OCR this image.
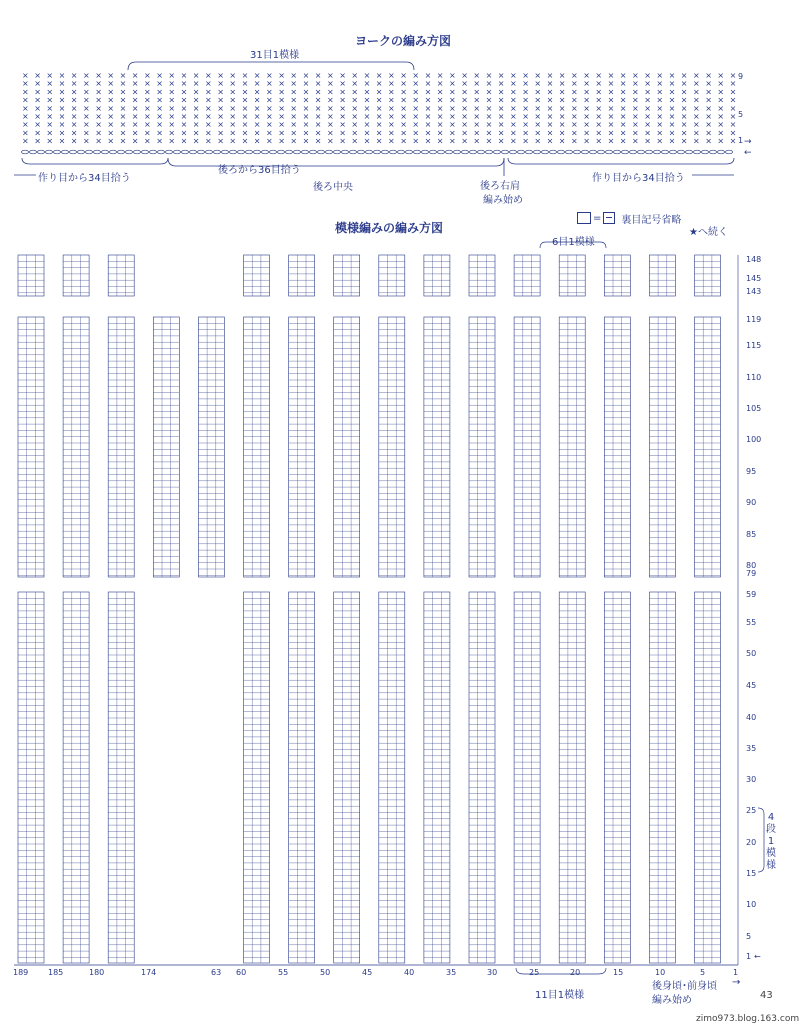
ヨークの編み方図
31目1模様
× × × × × × × × × × × × × × × × × × × × × × × × × × × × × × × × × × × × × × × × × × × × × × × × × × × × × × × × × × ×
× × × × × × × × × × × × × × × × × × × × × × × × × × × × × × × × × × × × × × × × × × × × × × × × × × × × × × × × × × ×
× × × × × × × × × × × × × × × × × × × × × × × × × × × × × × × × × × × × × × × × × × × × × × × × × × × × × × × × × × ×
× × × × × × × × × × × × × × × × × × × × × × × × × × × × × × × × × × × × × × × × × × × × × × × × × × × × × × × × × × ×
× × × × × × × × × × × × × × × × × × × × × × × × × × × × × × × × × × × × × × × × × × × × × × × × × × × × × × × × × × ×
× × × × × × × × × × × × × × × × × × × × × × × × × × × × × × × × × × × × × × × × × × × × × × × × × × × × × × × × × × ×
× × × × × × × × × × × × × × × × × × × × × × × × × × × × × × × × × × × × × × × × × × × × × × × × × × × × × × × × × × ×
× × × × × × × × × × × × × × × × × × × × × × × × × × × × × × × × × × × × × × × × × × × × × × × × × × × × × × × × × × ×
× × × × × × × × × × × × × × × × × × × × × × × × × × × × × × × × × × × × × × × × × × × × × × × × × × × × × × × × × × ×
9
5
1 →
←
作り目から34目拾う
後ろから36目拾う
後ろ中央	後ろ右肩
編み始め
作り目から34目拾う
模様編みの編み方図
= 裏目記号省略
★へ続く
6目1模様
148
145
143
119
115
110
105
100
95
90
85
80
79
59
55
50
45
40
35
30
25
20
15
10
5
1 ←
4
段
1
模
様
189 185	180	174	63 60	55	50	45	40	35	30	25	20	15	10	5	1
11目1模様
後身頃･前身頃 →
編み始め	43
zimo973.blog.163.com
